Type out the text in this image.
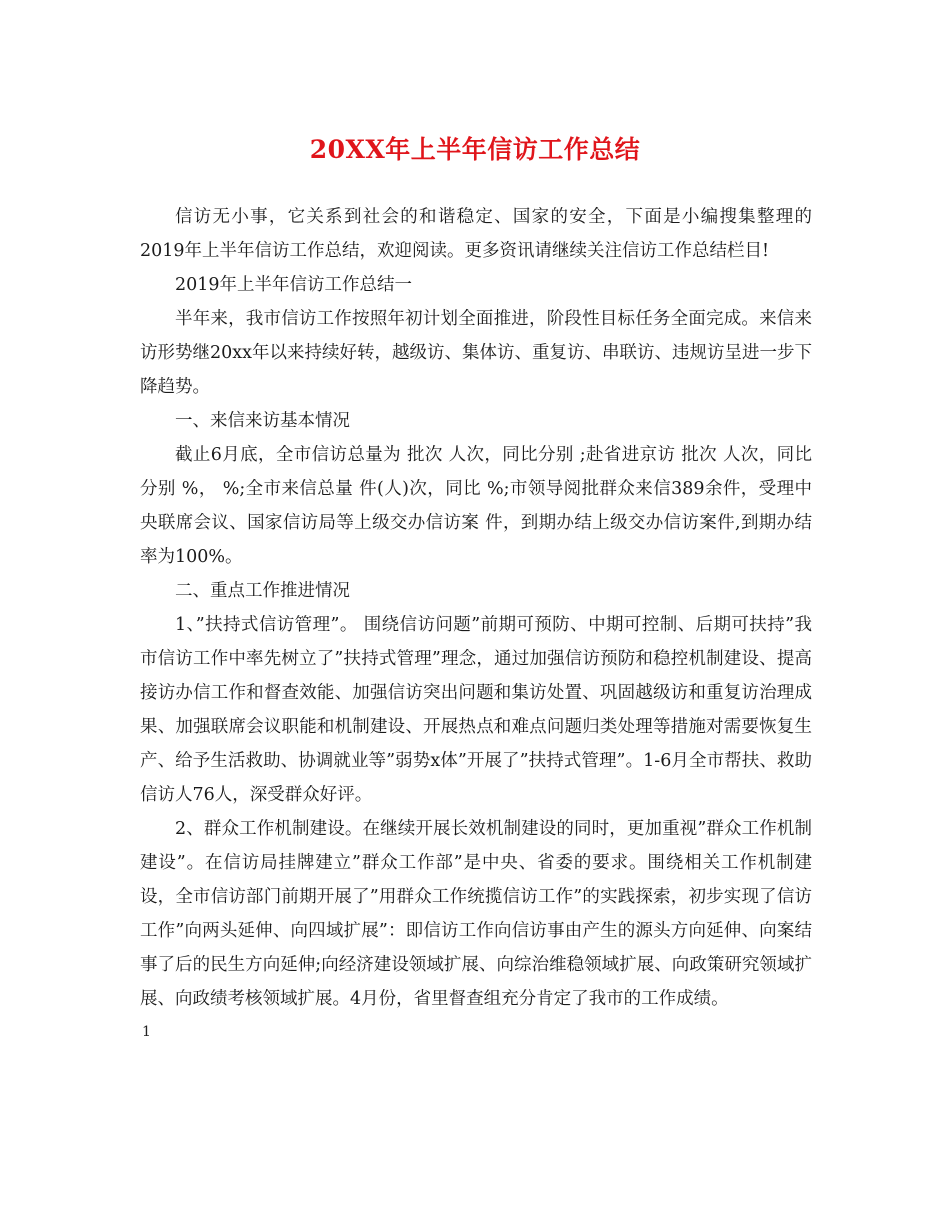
20XX年上半年信访工作总结

信访无小事，它关系到社会的和谐稳定、国家的安全，下面是小编搜集整理的2019年上半年信访工作总结，欢迎阅读。更多资讯请继续关注信访工作总结栏目!

2019年上半年信访工作总结一

半年来，我市信访工作按照年初计划全面推进，阶段性目标任务全面完成。来信来访形势继20xx年以来持续好转，越级访、集体访、重复访、串联访、违规访呈进一步下降趋势。

一、来信来访基本情况

截止6月底，全市信访总量为 批次 人次，同比分别 ;赴省进京访 批次 人次，同比分别 %， %;全市来信总量 件(人)次，同比 %;市领导阅批群众来信389余件，受理中央联席会议、国家信访局等上级交办信访案 件，到期办结上级交办信访案件,到期办结率为100%。

二、重点工作推进情况

1、”扶持式信访管理”。 围绕信访问题”前期可预防、中期可控制、后期可扶持”我市信访工作中率先树立了”扶持式管理”理念，通过加强信访预防和稳控机制建设、提高接访办信工作和督查效能、加强信访突出问题和集访处置、巩固越级访和重复访治理成果、加强联席会议职能和机制建设、开展热点和难点问题归类处理等措施对需要恢复生产、给予生活救助、协调就业等”弱势x体”开展了”扶持式管理”。1-6月全市帮扶、救助信访人76人，深受群众好评。

2、群众工作机制建设。在继续开展长效机制建设的同时，更加重视”群众工作机制建设”。在信访局挂牌建立”群众工作部”是中央、省委的要求。围绕相关工作机制建设，全市信访部门前期开展了”用群众工作统揽信访工作”的实践探索，初步实现了信访工作”向两头延伸、向四域扩展”：即信访工作向信访事由产生的源头方向延伸、向案结事了后的民生方向延伸;向经济建设领域扩展、向综治维稳领域扩展、向政策研究领域扩展、向政绩考核领域扩展。4月份，省里督查组充分肯定了我市的工作成绩。

1
